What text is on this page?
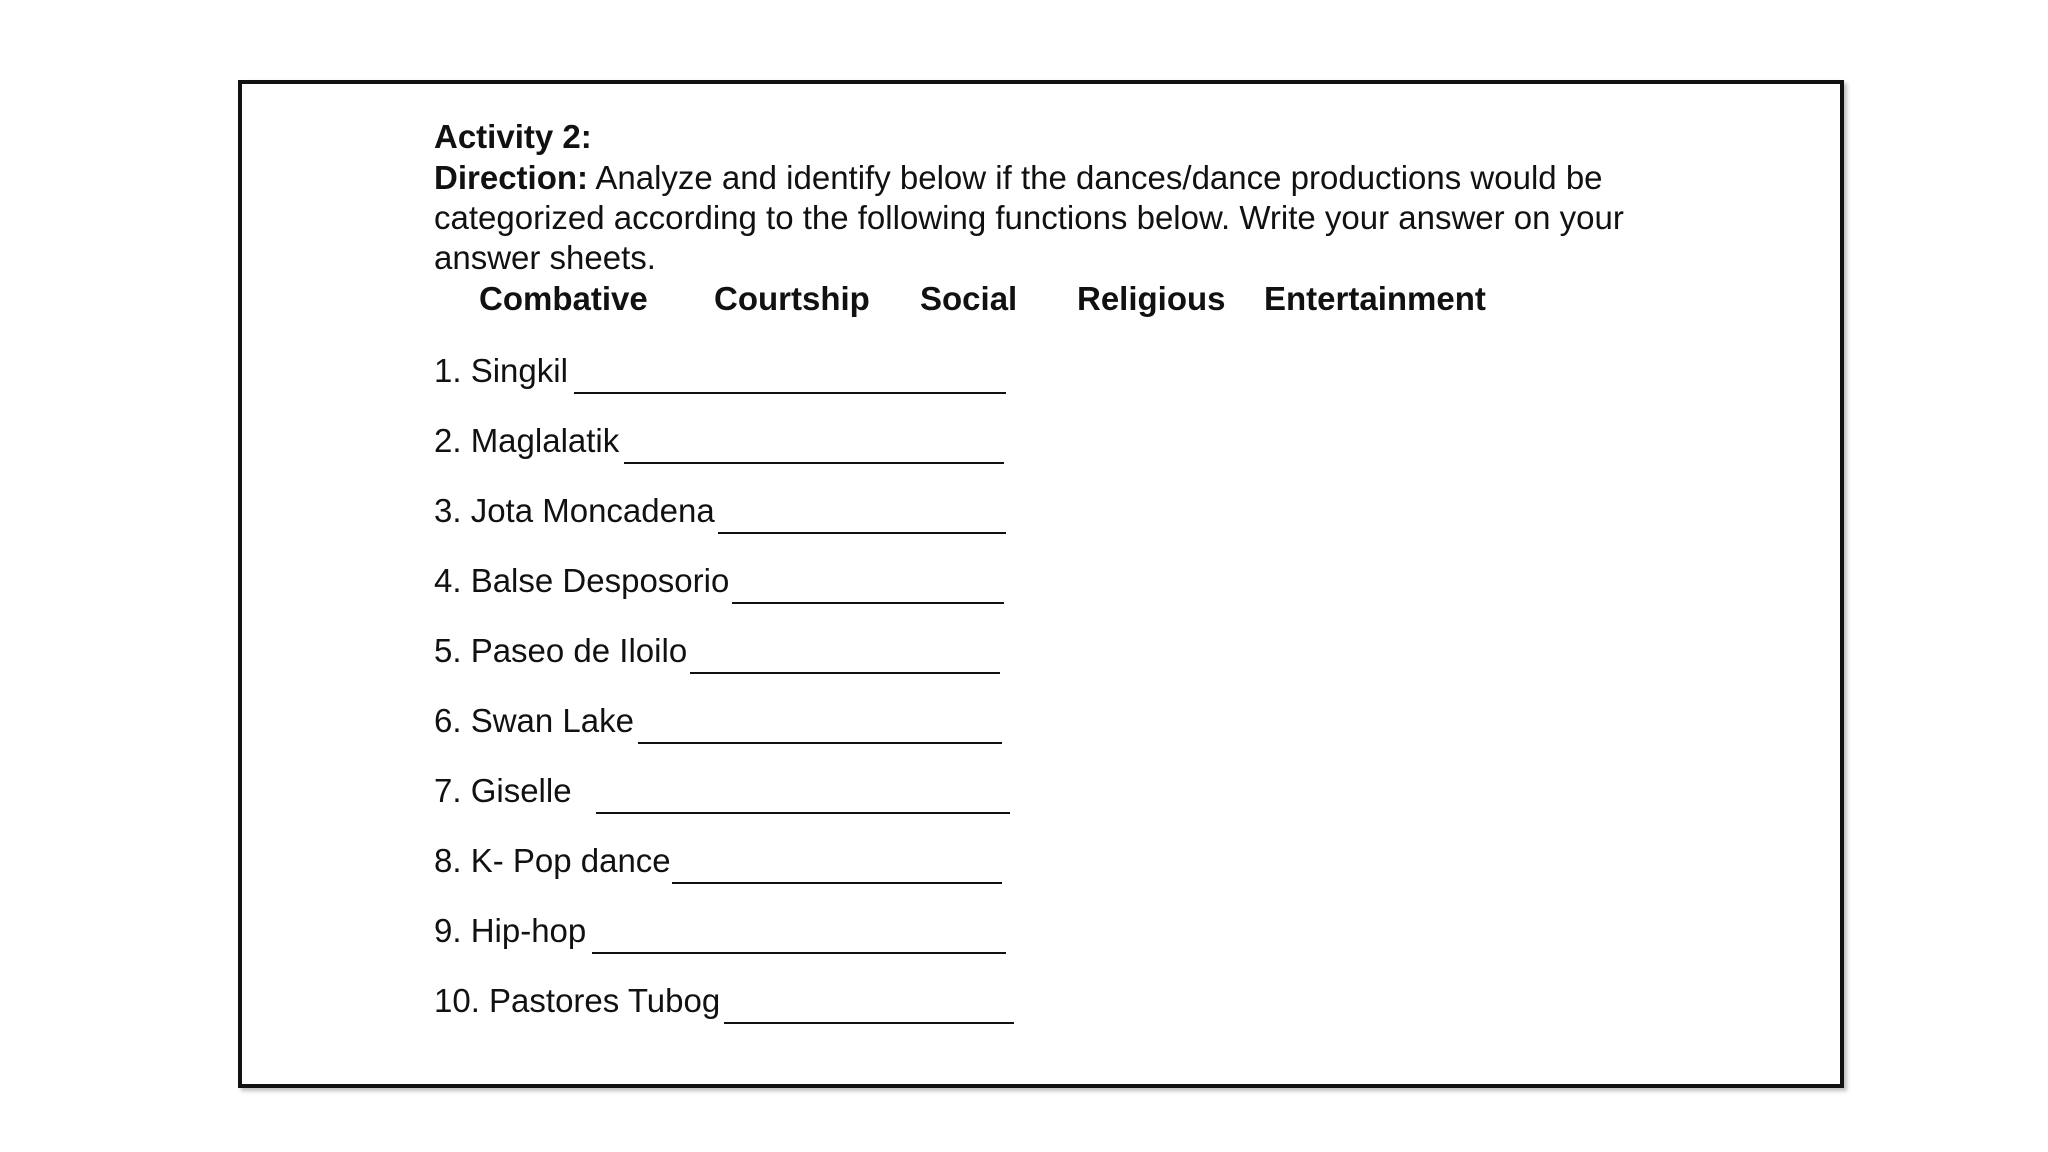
Activity 2:
Direction: Analyze and identify below if the dances/dance productions would be categorized according to the following functions below. Write your answer on your answer sheets.
Combative Courtship Social Religious Entertainment
1. Singkil
2. Maglalatik
3. Jota Moncadena
4. Balse Desposorio
5. Paseo de Iloilo
6. Swan Lake
7. Giselle
8. K- Pop dance
9. Hip-hop
10. Pastores Tubog
